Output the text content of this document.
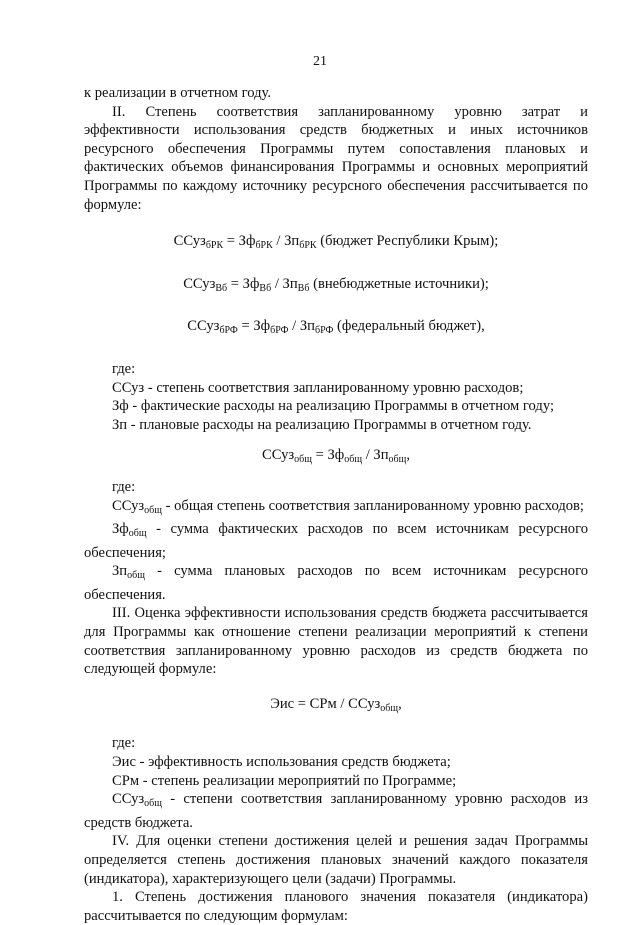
21

к реализации в отчетном году.

II. Степень соответствия запланированному уровню затрат и эффективности использования средств бюджетных и иных источников ресурсного обеспечения Программы путем сопоставления плановых и фактических объемов финансирования Программы и основных мероприятий Программы по каждому источнику ресурсного обеспечения рассчитывается по формуле:

ССуз$_{бРК}$ = $Зф_{бРК} / Зп_{бРК}$ (бюджет Республики Крым);

ССуз$_{Вб}$ = $Зф_{Вб} / Зп_{Вб}$ (внебюджетные источники);

ССуз$_{бРФ}$ = $Зф_{бРФ} / Зп_{бРФ}$ (федеральный бюджет),

где:

ССуз - степень соответствия запланированному уровню расходов;

Зф - фактические расходы на реализацию Программы в отчетном году;

Зп - плановые расходы на реализацию Программы в отчетном году.

ССуз$_{общ}$ = $Зф_{общ} / Зп_{общ}$,

где:

ССуз$_{общ}$ - общая степень соответствия запланированному уровню расходов;

$Зф_{общ}$ - сумма фактических расходов по всем источникам ресурсного обеспечения;

$Зп_{общ}$ - сумма плановых расходов по всем источникам ресурсного обеспечения.

III. Оценка эффективности использования средств бюджета рассчитывается для Программы как отношение степени реализации мероприятий к степени соответствия запланированному уровню расходов из средств бюджета по следующей формуле:

Эис = СРм / ССуз$_{общ}$,

где:

Эис - эффективность использования средств бюджета;

СРм - степень реализации мероприятий по Программе;

ССуз$_{общ}$ - степени соответствия запланированному уровню расходов из средств бюджета.

IV. Для оценки степени достижения целей и решения задач Программы определяется степень достижения плановых значений каждого показателя (индикатора), характеризующего цели (задачи) Программы.

1. Степень достижения планового значения показателя (индикатора) рассчитывается по следующим формулам:
